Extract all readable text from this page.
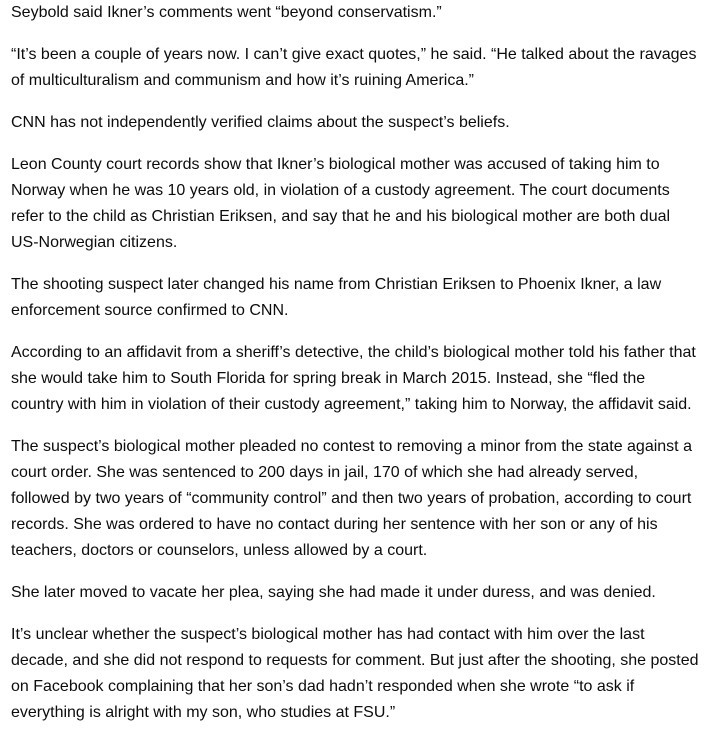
Seybold said Ikner’s comments went “beyond conservatism.”

“It’s been a couple of years now. I can’t give exact quotes,” he said. “He talked about the ravages of multiculturalism and communism and how it’s ruining America.”

CNN has not independently verified claims about the suspect’s beliefs.

Leon County court records show that Ikner’s biological mother was accused of taking him to Norway when he was 10 years old, in violation of a custody agreement. The court documents refer to the child as Christian Eriksen, and say that he and his biological mother are both dual US-Norwegian citizens.

The shooting suspect later changed his name from Christian Eriksen to Phoenix Ikner, a law enforcement source confirmed to CNN.

According to an affidavit from a sheriff’s detective, the child’s biological mother told his father that she would take him to South Florida for spring break in March 2015. Instead, she “fled the country with him in violation of their custody agreement,” taking him to Norway, the affidavit said.

The suspect’s biological mother pleaded no contest to removing a minor from the state against a court order. She was sentenced to 200 days in jail, 170 of which she had already served, followed by two years of “community control” and then two years of probation, according to court records. She was ordered to have no contact during her sentence with her son or any of his teachers, doctors or counselors, unless allowed by a court.

She later moved to vacate her plea, saying she had made it under duress, and was denied.

It’s unclear whether the suspect’s biological mother has had contact with him over the last decade, and she did not respond to requests for comment. But just after the shooting, she posted on Facebook complaining that her son’s dad hadn’t responded when she wrote “to ask if everything is alright with my son, who studies at FSU.”
